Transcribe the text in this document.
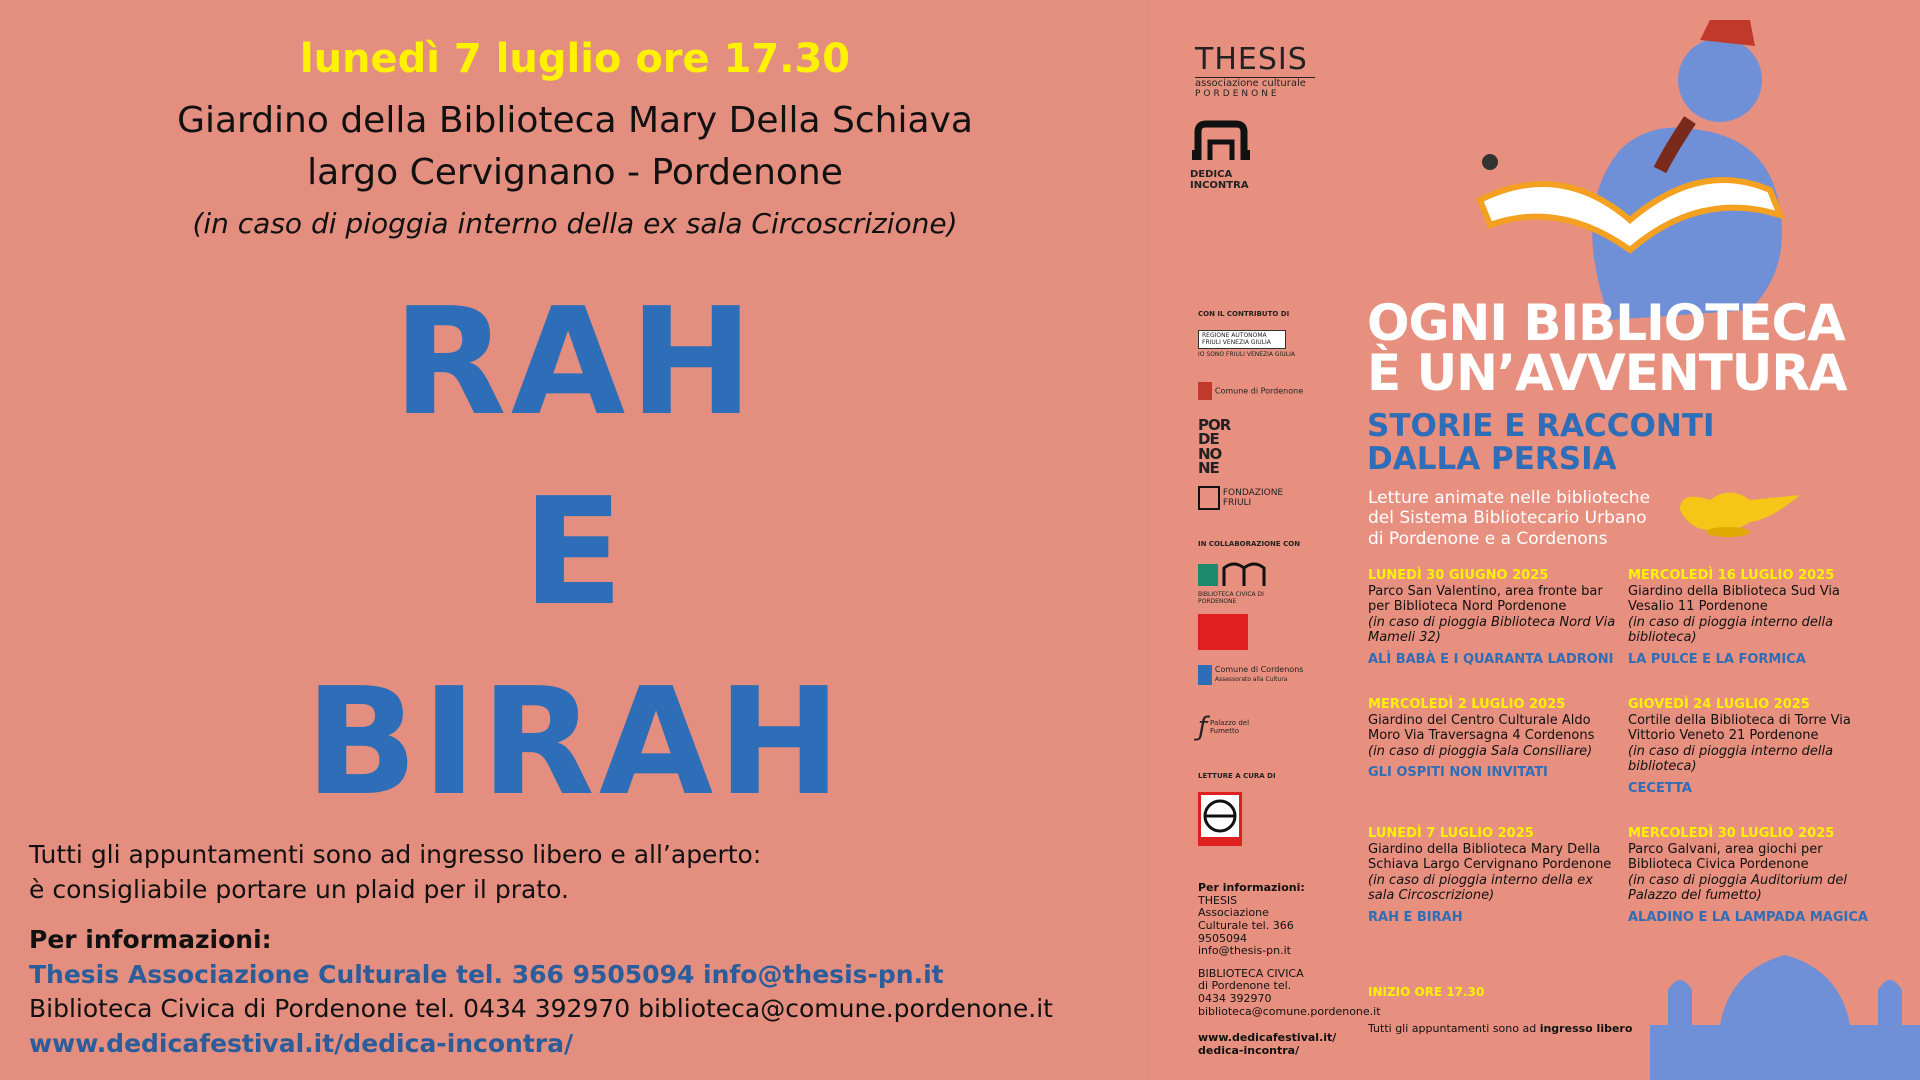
lunedì 7 luglio ore 17.30
Giardino della Biblioteca Mary Della Schiava
largo Cervignano - Pordenone
(in caso di pioggia interno della ex sala Circoscrizione)
RAH
E
BIRAH
Tutti gli appuntamenti sono ad ingresso libero e all’aperto:
è consigliabile portare un plaid per il prato.
Per informazioni:
Thesis Associazione Culturale tel. 366 9505094 info@thesis-pn.it
Biblioteca Civica di Pordenone tel. 0434 392970 biblioteca@comune.pordenone.it
www.dedicafestival.it/dedica-incontra/
THESIS
associazione culturale
PORDENONE
DEDICA
INCONTRA
CON IL CONTRIBUTO DI
REGIONE AUTONOMA FRIULI VENEZIA GIULIA
IO SONO FRIULI VENEZIA GIULIA
Comune di Pordenone
POR DE NO NE
FONDAZIONE FRIULI
IN COLLABORAZIONE CON
BIBLIOTECA CIVICA DI PORDENONE
Comune di Cordenons
Assessorato alla Cultura
ƒ Palazzo del Fumetto
LETTURE A CURA DI
Per informazioni:
THESIS Associazione Culturale tel. 366 9505094 info@thesis-pn.it
BIBLIOTECA CIVICA di Pordenone tel. 0434 392970 biblioteca@comune.pordenone.it
www.dedicafestival.it/ dedica-incontra/
OGNI BIBLIOTECA
È UN’AVVENTURA
STORIE E RACCONTI
DALLA PERSIA
Letture animate nelle biblioteche
del Sistema Bibliotecario Urbano
di Pordenone e a Cordenons
LUNEDÌ 30 GIUGNO 2025
Parco San Valentino, area fronte bar per Biblioteca Nord Pordenone
(in caso di pioggia Biblioteca Nord Via Mameli 32)
ALÌ BABÀ E I QUARANTA LADRONI
MERCOLEDÌ 16 LUGLIO 2025
Giardino della Biblioteca Sud Via Vesalio 11 Pordenone
(in caso di pioggia interno della biblioteca)
LA PULCE E LA FORMICA
MERCOLEDÌ 2 LUGLIO 2025
Giardino del Centro Culturale Aldo Moro Via Traversagna 4 Cordenons
(in caso di pioggia Sala Consiliare)
GLI OSPITI NON INVITATI
GIOVEDÌ 24 LUGLIO 2025
Cortile della Biblioteca di Torre Via Vittorio Veneto 21 Pordenone
(in caso di pioggia interno della biblioteca)
CECETTA
LUNEDÌ 7 LUGLIO 2025
Giardino della Biblioteca Mary Della Schiava Largo Cervignano Pordenone
(in caso di pioggia interno della ex sala Circoscrizione)
RAH E BIRAH
MERCOLEDÌ 30 LUGLIO 2025
Parco Galvani, area giochi per Biblioteca Civica Pordenone
(in caso di pioggia Auditorium del Palazzo del fumetto)
ALADINO E LA LAMPADA MAGICA
INIZIO ORE 17.30
Tutti gli appuntamenti sono ad ingresso libero
